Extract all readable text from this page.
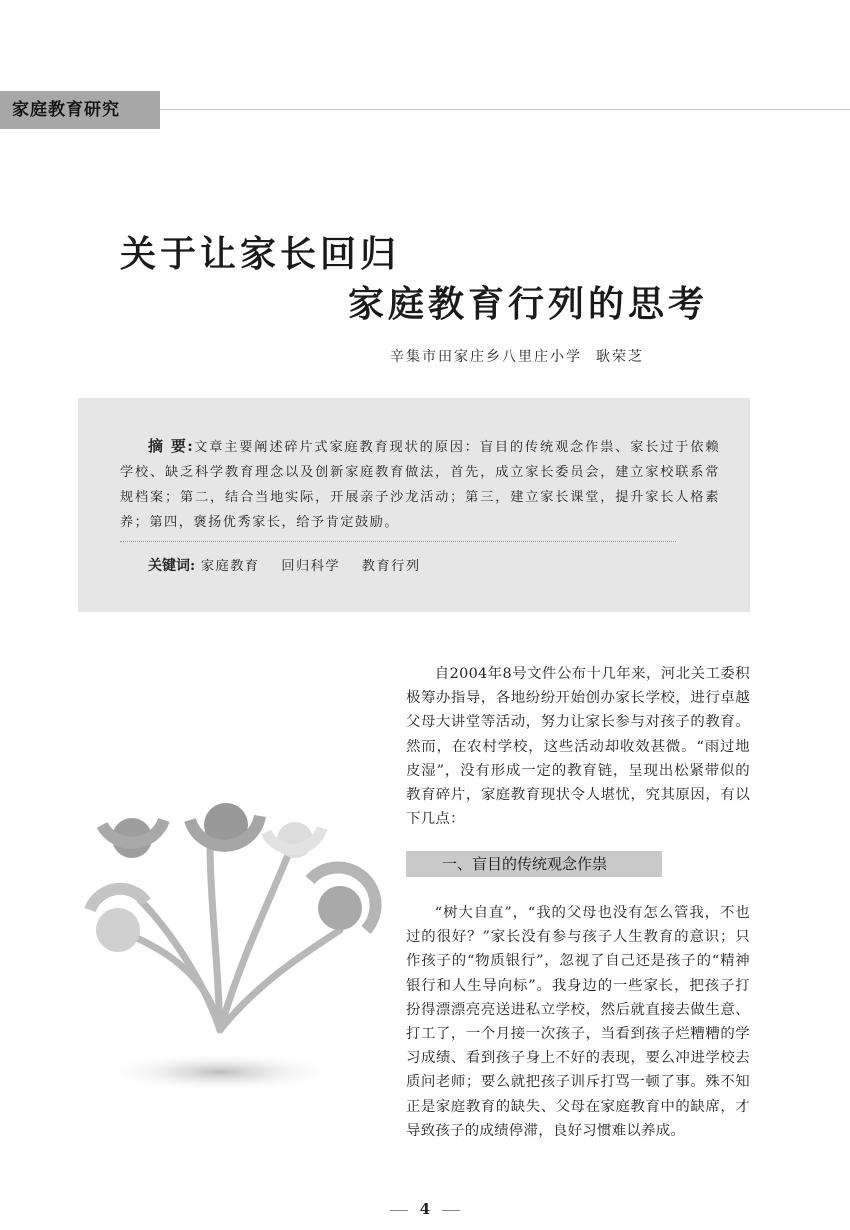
家庭教育研究
关于让家长回归
家庭教育行列的思考
辛集市田家庄乡八里庄小学 耿荣芝
摘 要:文章主要阐述碎片式家庭教育现状的原因：盲目的传统观念作祟、家长过于依赖学校、缺乏科学教育理念以及创新家庭教育做法，首先，成立家长委员会，建立家校联系常规档案；第二，结合当地实际，开展亲子沙龙活动；第三，建立家长课堂，提升家长人格素养；第四，褒扬优秀家长，给予肯定鼓励。
关键词: 家庭教育 回归科学 教育行列

自2004年8号文件公布十几年来，河北关工委积极筹办指导，各地纷纷开始创办家长学校，进行卓越父母大讲堂等活动，努力让家长参与对孩子的教育。然而，在农村学校，这些活动却收效甚微。“雨过地皮湿”，没有形成一定的教育链，呈现出松紧带似的教育碎片，家庭教育现状令人堪忧，究其原因，有以下几点：

一、盲目的传统观念作祟

“树大自直”，“我的父母也没有怎么管我，不也过的很好？”家长没有参与孩子人生教育的意识；只作孩子的“物质银行”，忽视了自己还是孩子的“精神银行和人生导向标”。我身边的一些家长，把孩子打扮得漂漂亮亮送进私立学校，然后就直接去做生意、打工了，一个月接一次孩子，当看到孩子烂糟糟的学习成绩、看到孩子身上不好的表现，要么冲进学校去质问老师；要么就把孩子训斥打骂一顿了事。殊不知正是家庭教育的缺失、父母在家庭教育中的缺席，才导致孩子的成绩停滞，良好习惯难以养成。

4
